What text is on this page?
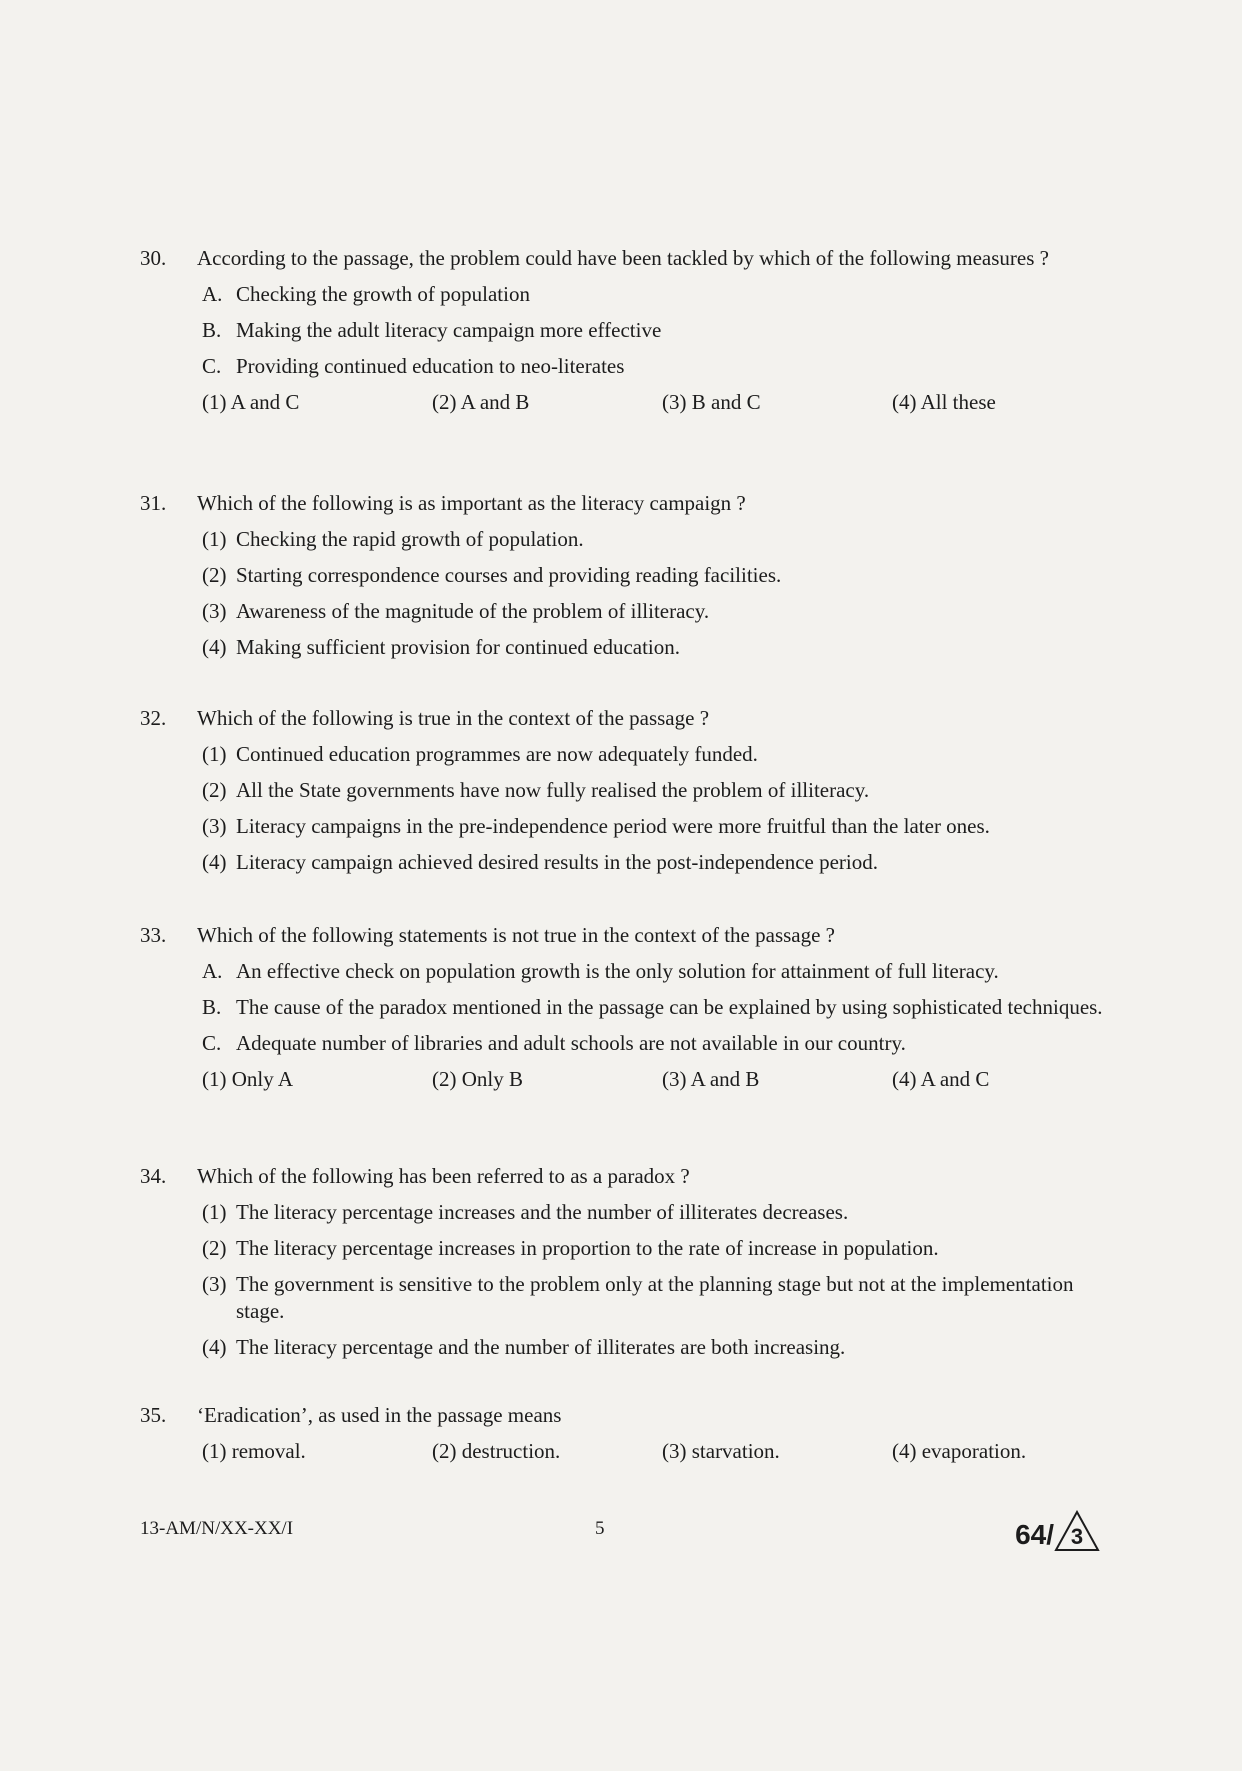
30.	According to the passage, the problem could have been tackled by which of the following measures ?
A. Checking the growth of population
B. Making the adult literacy campaign more effective
C. Providing continued education to neo-literates
(1) A and C	(2) A and B	(3) B and C	(4) All these
31.	Which of the following is as important as the literacy campaign ?
(1) Checking the rapid growth of population.
(2) Starting correspondence courses and providing reading facilities.
(3) Awareness of the magnitude of the problem of illiteracy.
(4) Making sufficient provision for continued education.
32.	Which of the following is true in the context of the passage ?
(1) Continued education programmes are now adequately funded.
(2) All the State governments have now fully realised the problem of illiteracy.
(3) Literacy campaigns in the pre-independence period were more fruitful than the later ones.
(4) Literacy campaign achieved desired results in the post-independence period.
33.	Which of the following statements is not true in the context of the passage ?
A. An effective check on population growth is the only solution for attainment of full literacy.
B. The cause of the paradox mentioned in the passage can be explained by using sophisticated techniques.
C. Adequate number of libraries and adult schools are not available in our country.
(1) Only A	(2) Only B	(3) A and B	(4) A and C
34.	Which of the following has been referred to as a paradox ?
(1) The literacy percentage increases and the number of illiterates decreases.
(2) The literacy percentage increases in proportion to the rate of increase in population.
(3) The government is sensitive to the problem only at the planning stage but not at the implementation stage.
(4) The literacy percentage and the number of illiterates are both increasing.
35.	‘Eradication’, as used in the passage means
(1) removal.	(2) destruction.	(3) starvation.	(4) evaporation.
13-AM/N/XX-XX/I	5	64/ 3
